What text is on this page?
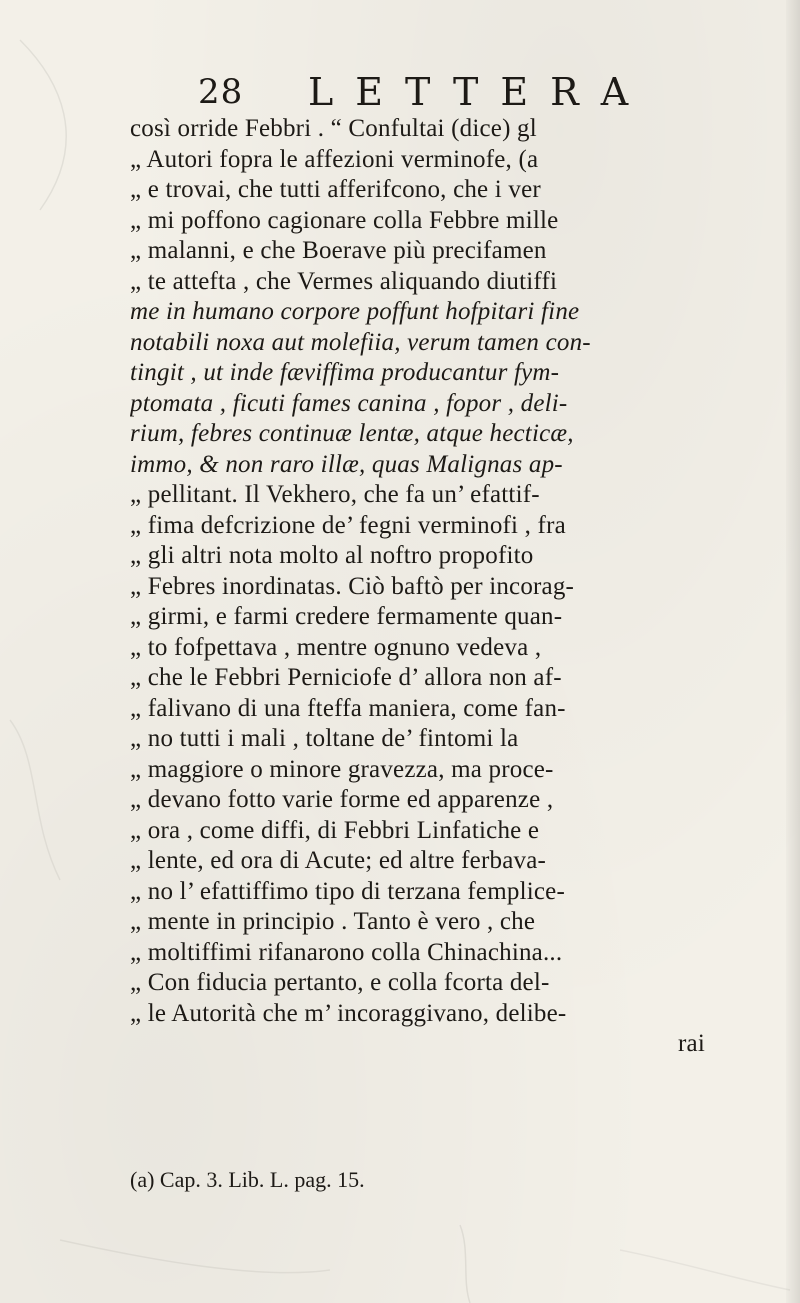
28 LETTERA
così orride Febbri . “ Confultai (dice) gl
„ Autori fopra le affezioni verminofe, (a
„ e trovai, che tutti afferifcono, che i ver
„ mi poffono cagionare colla Febbre mille
„ malanni, e che Boerave più precifamen
„ te attefta , che Vermes aliquando diutiffi
me in humano corpore poffunt hofpitari fine
notabili noxa aut molefiia, verum tamen con-
tingit , ut inde fæviffima producantur fym-
ptomata , ficuti fames canina , fopor , deli-
rium, febres continuæ lentæ, atque hecticæ,
immo, & non raro illæ, quas Malignas ap-
„ pellitant. Il Vekhero, che fa un’ efattif-
„ fima defcrizione de’ fegni verminofi , fra
„ gli altri nota molto al noftro propofito
„ Febres inordinatas. Ciò baftò per incorag-
„ girmi, e farmi credere fermamente quan-
„ to fofpettava , mentre ognuno vedeva ,
„ che le Febbri Perniciofe d’ allora non af-
„ falivano di una fteffa maniera, come fan-
„ no tutti i mali , toltane de’ fintomi la
„ maggiore o minore gravezza, ma proce-
„ devano fotto varie forme ed apparenze ,
„ ora , come diffi, di Febbri Linfatiche e
„ lente, ed ora di Acute; ed altre ferbava-
„ no l’ efattiffimo tipo di terzana femplice-
„ mente in principio . Tanto è vero , che
„ moltiffimi rifanarono colla Chinachina...
„ Con fiducia pertanto, e colla fcorta del-
„ le Autorità che m’ incoraggivano, delibe-
rai
(a) Cap. 3. Lib. L. pag. 15.
